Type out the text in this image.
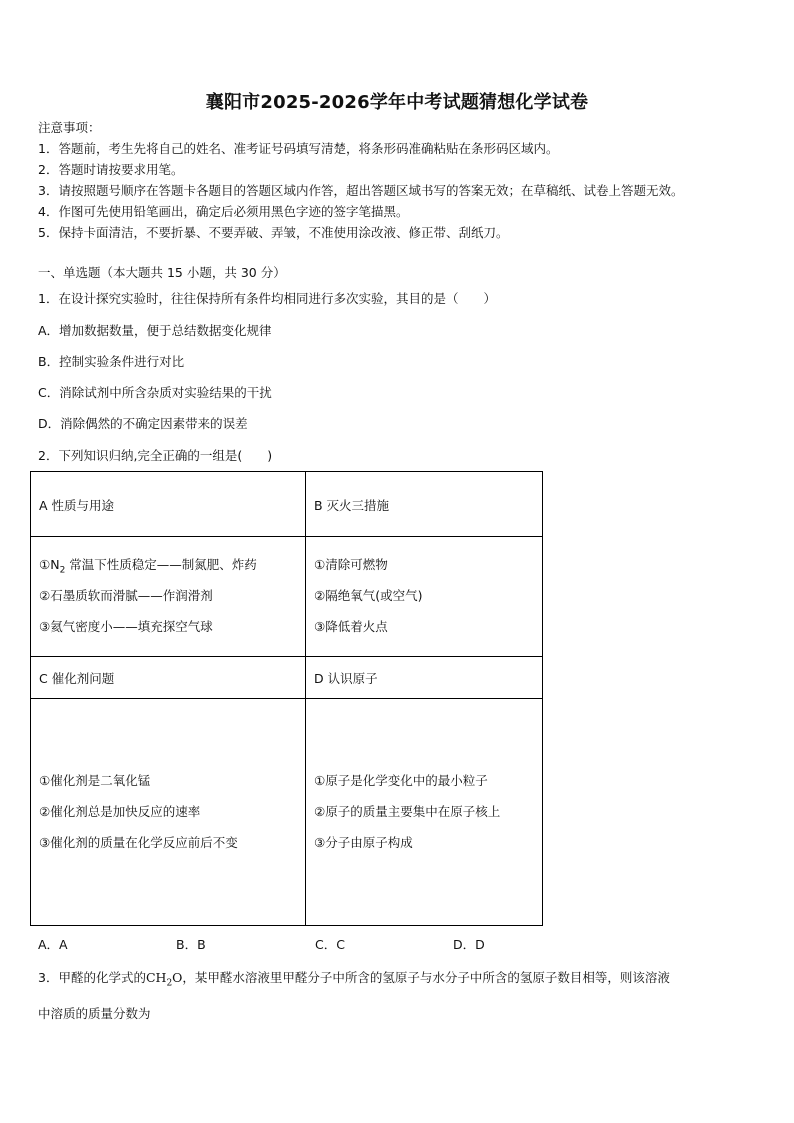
襄阳市2025-2026学年中考试题猜想化学试卷
注意事项：
1．答题前，考生先将自己的姓名、准考证号码填写清楚，将条形码准确粘贴在条形码区域内。
2．答题时请按要求用笔。
3．请按照题号顺序在答题卡各题目的答题区域内作答，超出答题区域书写的答案无效；在草稿纸、试卷上答题无效。
4．作图可先使用铅笔画出，确定后必须用黑色字迹的签字笔描黑。
5．保持卡面清洁，不要折暴、不要弄破、弄皱，不准使用涂改液、修正带、刮纸刀。
一、单选题（本大题共 15 小题，共 30 分）
1．在设计探究实验时，往往保持所有条件均相同进行多次实验，其目的是（　　）
A．增加数据数量，便于总结数据变化规律
B．控制实验条件进行对比
C．消除试剂中所含杂质对实验结果的干扰
D．消除偶然的不确定因素带来的误差
2．下列知识归纳,完全正确的一组是(　　)
A 性质与用途	B 灭火三措施

$①N_2$ 常温下性质稳定——制氮肥、炸药
②石墨质软而滑腻——作润滑剂
③氦气密度小——填充探空气球	①清除可燃物
②隔绝氧气(或空气)
③降低着火点

C 催化剂问题	D 认识原子

①催化剂是二氧化锰
②催化剂总是加快反应的速率
③催化剂的质量在化学反应前后不变	①原子是化学变化中的最小粒子
②原子的质量主要集中在原子核上
③分子由原子构成
A．A	B．B	C．C	D．D
3．甲醛的化学式的$CH_2O$，某甲醛水溶液里甲醛分子中所含的氢原子与水分子中所含的氢原子数目相等，则该溶液
中溶质的质量分数为
